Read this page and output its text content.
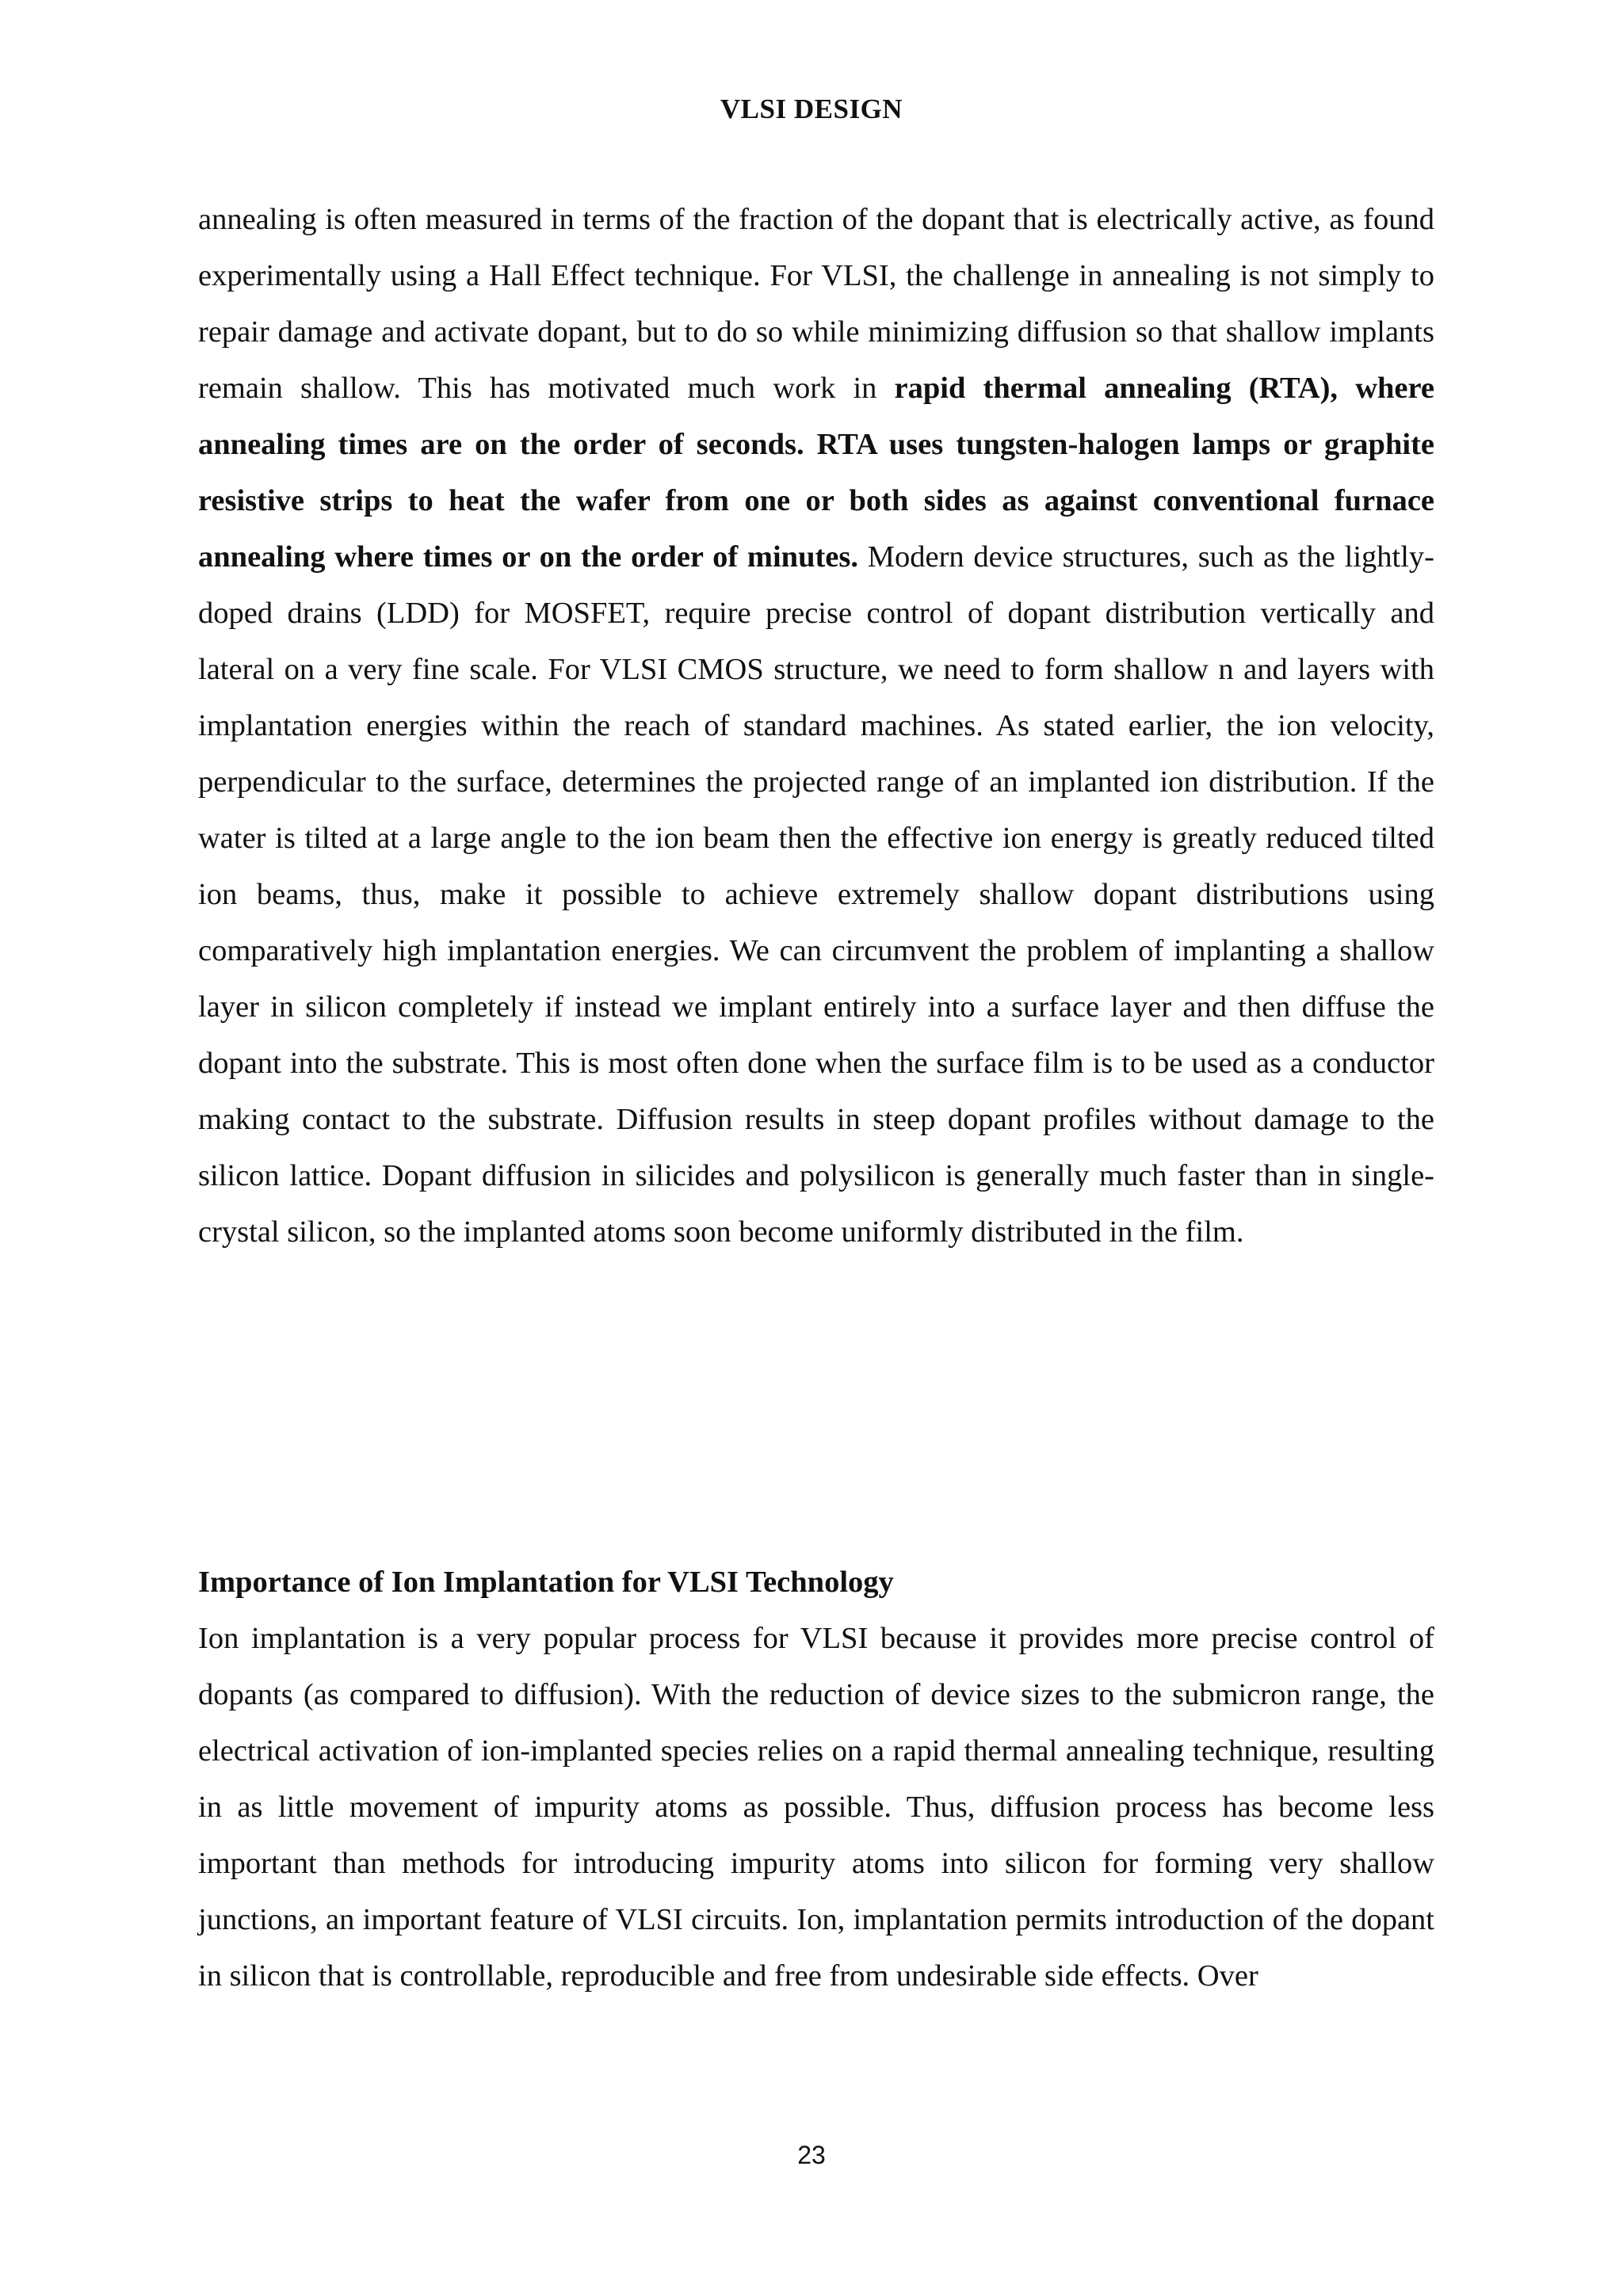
VLSI DESIGN

annealing is often measured in terms of the fraction of the dopant that is electrically active, as found experimentally using a Hall Effect technique. For VLSI, the challenge in annealing is not simply to repair damage and activate dopant, but to do so while minimizing diffusion so that shallow implants remain shallow. This has motivated much work in rapid thermal annealing (RTA), where annealing times are on the order of seconds. RTA uses tungsten-halogen lamps or graphite resistive strips to heat the wafer from one or both sides as against conventional furnace annealing where times or on the order of minutes. Modern device structures, such as the lightly-doped drains (LDD) for MOSFET, require precise control of dopant distribution vertically and lateral on a very fine scale. For VLSI CMOS structure, we need to form shallow n and layers with implantation energies within the reach of standard machines. As stated earlier, the ion velocity, perpendicular to the surface, determines the projected range of an implanted ion distribution. If the water is tilted at a large angle to the ion beam then the effective ion energy is greatly reduced tilted ion beams, thus, make it possible to achieve extremely shallow dopant distributions using comparatively high implantation energies. We can circumvent the problem of implanting a shallow layer in silicon completely if instead we implant entirely into a surface layer and then diffuse the dopant into the substrate. This is most often done when the surface film is to be used as a conductor making contact to the substrate. Diffusion results in steep dopant profiles without damage to the silicon lattice. Dopant diffusion in silicides and polysilicon is generally much faster than in single-crystal silicon, so the implanted atoms soon become uniformly distributed in the film.

Importance of Ion Implantation for VLSI Technology

Ion implantation is a very popular process for VLSI because it provides more precise control of dopants (as compared to diffusion). With the reduction of device sizes to the submicron range, the electrical activation of ion-implanted species relies on a rapid thermal annealing technique, resulting in as little movement of impurity atoms as possible. Thus, diffusion process has become less important than methods for introducing impurity atoms into silicon for forming very shallow junctions, an important feature of VLSI circuits. Ion, implantation permits introduction of the dopant in silicon that is controllable, reproducible and free from undesirable side effects. Over

23
